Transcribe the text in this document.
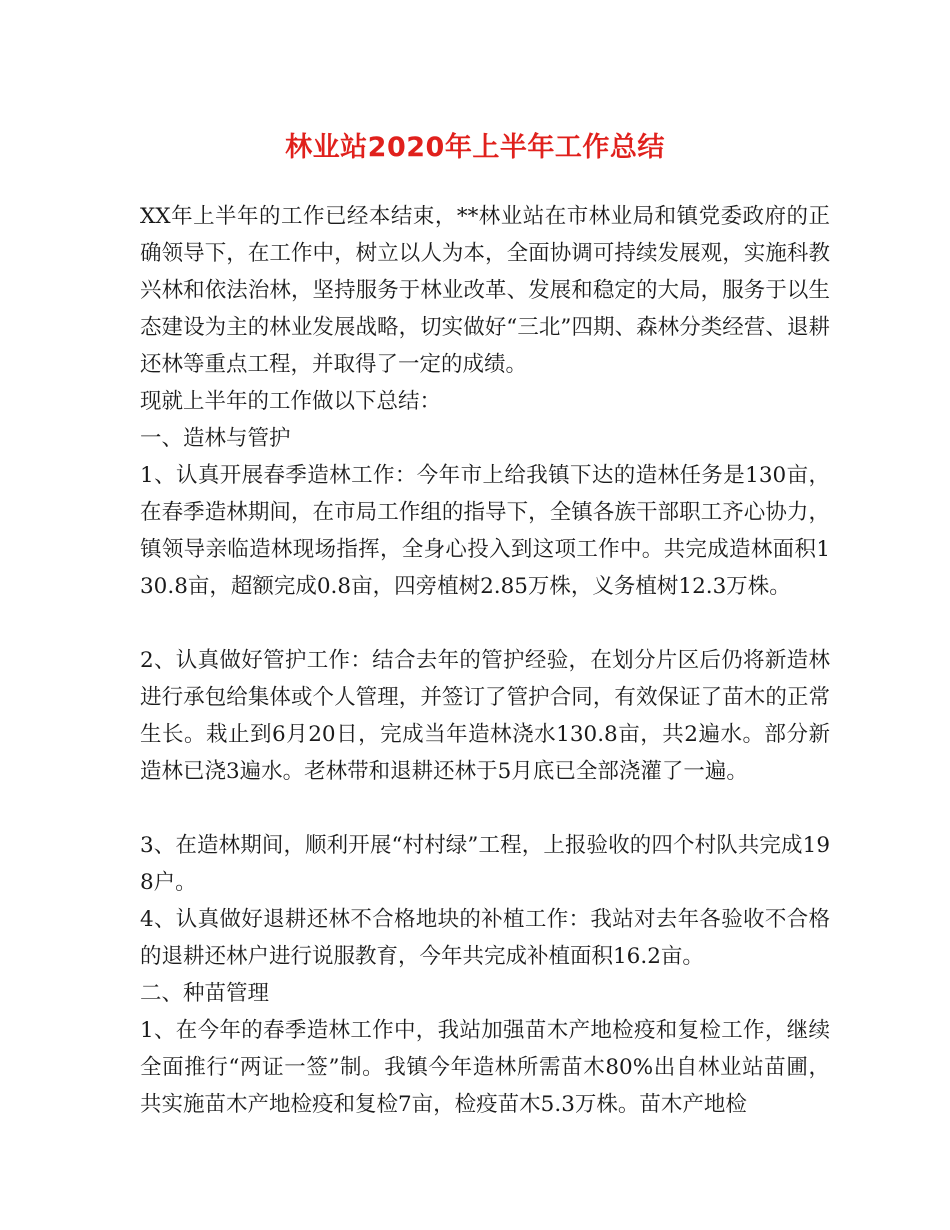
林业站2020年上半年工作总结

XX年上半年的工作已经本结束，**林业站在市林业局和镇党委政府的正确领导下，在工作中，树立以人为本，全面协调可持续发展观，实施科教兴林和依法治林，坚持服务于林业改革、发展和稳定的大局，服务于以生态建设为主的林业发展战略，切实做好“三北”四期、森林分类经营、退耕还林等重点工程，并取得了一定的成绩。

现就上半年的工作做以下总结：

一、造林与管护

1、认真开展春季造林工作：今年市上给我镇下达的造林任务是130亩，在春季造林期间，在市局工作组的指导下，全镇各族干部职工齐心协力，镇领导亲临造林现场指挥，全身心投入到这项工作中。共完成造林面积130.8亩，超额完成0.8亩，四旁植树2.85万株，义务植树12.3万株。

2、认真做好管护工作：结合去年的管护经验，在划分片区后仍将新造林进行承包给集体或个人管理，并签订了管护合同，有效保证了苗木的正常生长。栽止到6月20日，完成当年造林浇水130.8亩，共2遍水。部分新造林已浇3遍水。老林带和退耕还林于5月底已全部浇灌了一遍。

3、在造林期间，顺利开展“村村绿”工程，上报验收的四个村队共完成198户。

4、认真做好退耕还林不合格地块的补植工作：我站对去年各验收不合格的退耕还林户进行说服教育，今年共完成补植面积16.2亩。

二、种苗管理

1、在今年的春季造林工作中，我站加强苗木产地检疫和复检工作，继续全面推行“两证一签”制。我镇今年造林所需苗木80%出自林业站苗圃，共实施苗木产地检疫和复检7亩，检疫苗木5.3万株。苗木产地检
